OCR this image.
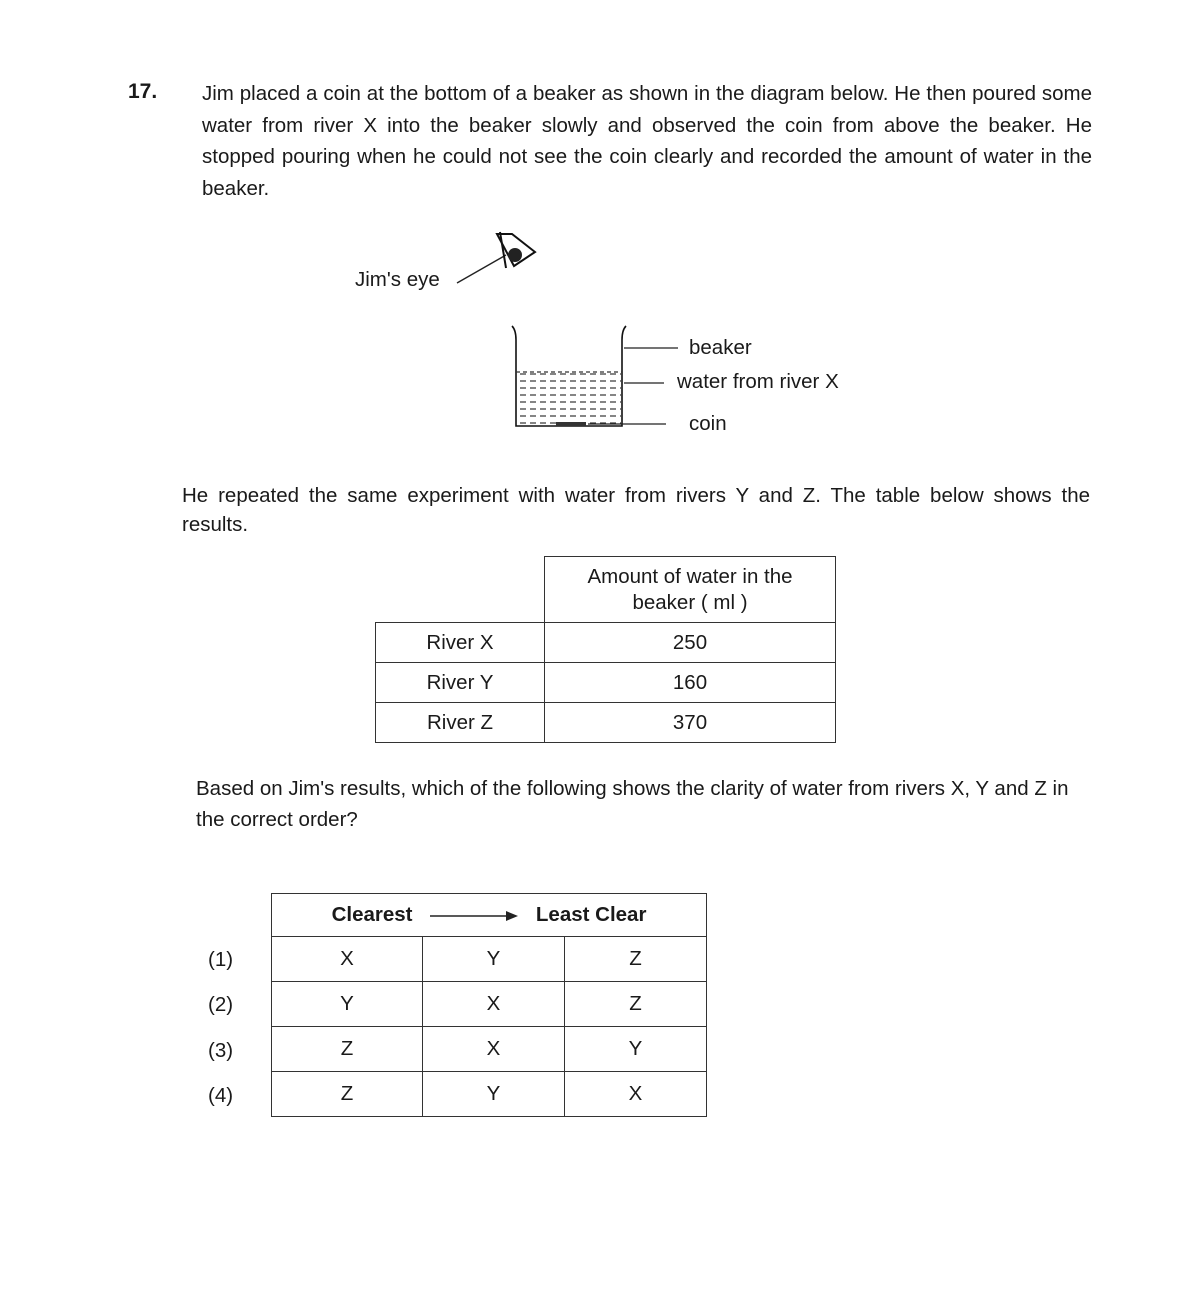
17. Jim placed a coin at the bottom of a beaker as shown in the diagram below. He then poured some water from river X into the beaker slowly and observed the coin from above the beaker. He stopped pouring when he could not see the coin clearly and recorded the amount of water in the beaker.

Jim's eye
beaker
water from river X
coin

He repeated the same experiment with water from rivers Y and Z. The table below shows the results.

	Amount of water in the
beaker ( ml )
River X	250
River Y	160
River Z	370

Based on Jim's results, which of the following shows the clarity of water from rivers X, Y and Z in the correct order?

Clearest Least Clear		
X	Y	Z
Y	X	Z
Z	X	Y
Z	Y	X
(1)
(2)
(3)
(4)
